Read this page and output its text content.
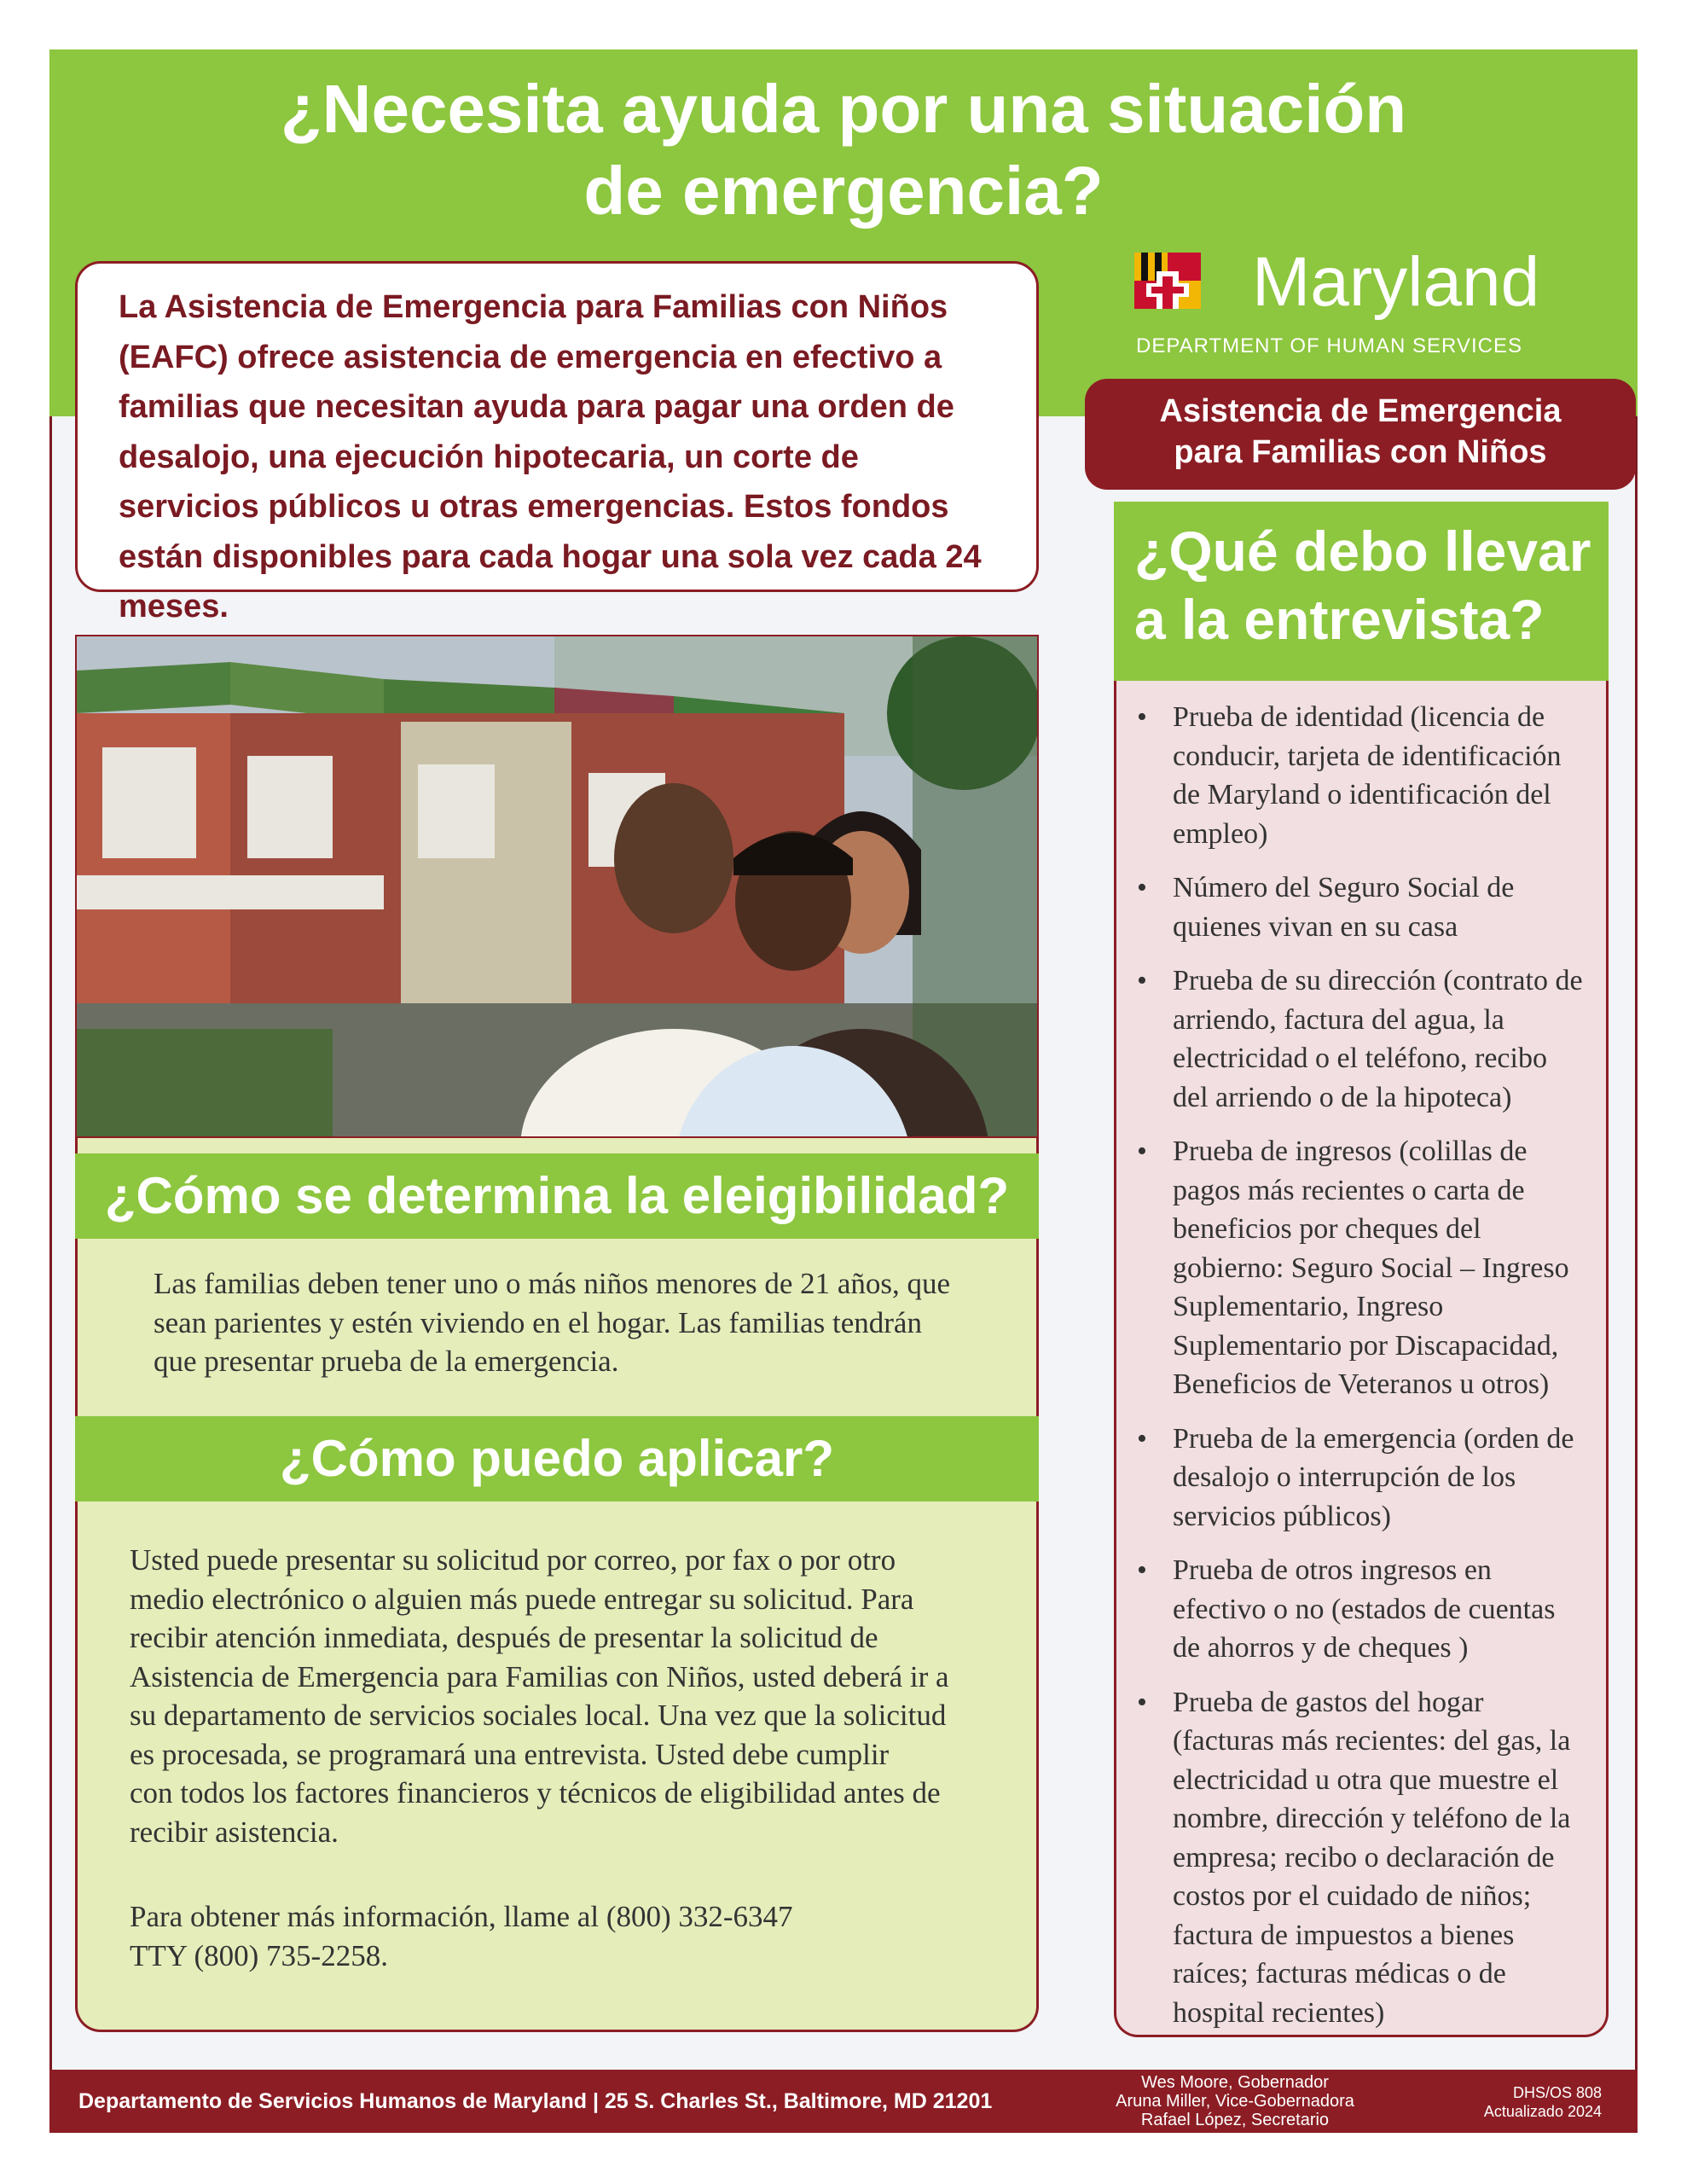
¿Necesita ayuda por una situación
de emergencia?
La Asistencia de Emergencia para Familias con Niños (EAFC) ofrece asistencia de emergencia en efectivo a familias que necesitan ayuda para pagar una orden de desalojo, una ejecución hipotecaria, un corte de servicios públicos u otras emergencias. Estos fondos están disponibles para cada hogar una sola vez cada 24 meses.
Maryland
DEPARTMENT OF HUMAN SERVICES
Asistencia de Emergencia
para Familias con Niños
¿Qué debo llevar
a la entrevista?
• Prueba de identidad (licencia de conducir, tarjeta de identificación de Maryland o identificación del empleo)
• Número del Seguro Social de quienes vivan en su casa
• Prueba de su dirección (contrato de arriendo, factura del agua, la electricidad o el teléfono, recibo del arriendo o de la hipoteca)
• Prueba de ingresos (colillas de pagos más recientes o carta de beneficios por cheques del gobierno: Seguro Social – Ingreso Suplementario, Ingreso Suplementario por Discapacidad, Beneficios de Veteranos u otros)
• Prueba de la emergencia (orden de desalojo o interrupción de los servicios públicos)
• Prueba de otros ingresos en efectivo o no (estados de cuentas de ahorros y de cheques )
• Prueba de gastos del hogar (facturas más recientes: del gas, la electricidad u otra que muestre el nombre, dirección y teléfono de la empresa; recibo o declaración de costos por el cuidado de niños; factura de impuestos a bienes raíces; facturas médicas o de hospital recientes)
¿Cómo se determina la eleigibilidad?
Las familias deben tener uno o más niños menores de 21 años, que
sean parientes y estén viviendo en el hogar. Las familias tendrán
que presentar prueba de la emergencia.
¿Cómo puedo aplicar?
Usted puede presentar su solicitud por correo, por fax o por otro
medio electrónico o alguien más puede entregar su solicitud. Para
recibir atención inmediata, después de presentar la solicitud de
Asistencia de Emergencia para Familias con Niños, usted deberá ir a
su departamento de servicios sociales local. Una vez que la solicitud
es procesada, se programará una entrevista. Usted debe cumplir
con todos los factores financieros y técnicos de eligibilidad antes de
recibir asistencia.
Para obtener más información, llame al (800) 332-6347
TTY (800) 735-2258.
Departamento de Servicios Humanos de Maryland | 25 S. Charles St., Baltimore, MD 21201
Wes Moore, Gobernador
Aruna Miller, Vice-Gobernadora
Rafael López, Secretario
DHS/OS 808
Actualizado 2024
